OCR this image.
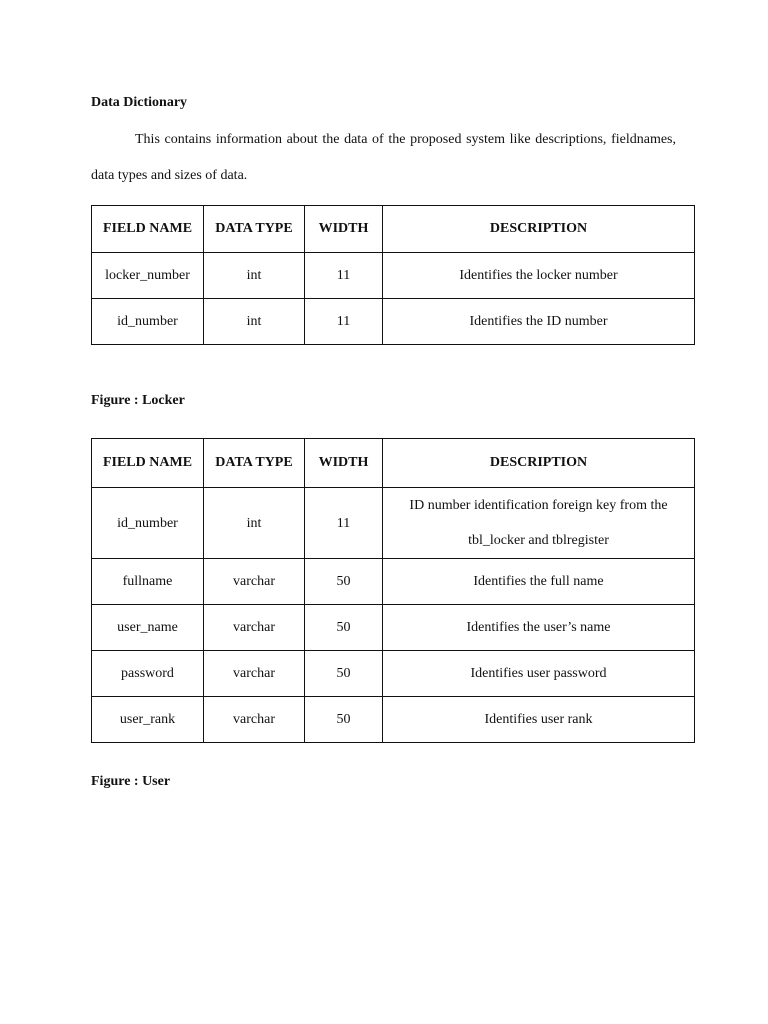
Data Dictionary

This contains information about the data of the proposed system like descriptions, fieldnames, data types and sizes of data.

FIELD NAME	DATA TYPE	WIDTH	DESCRIPTION
locker_number	int	11	Identifies the locker number
id_number	int	11	Identifies the ID number
Figure : Locker
FIELD NAME	DATA TYPE	WIDTH	DESCRIPTION
id_number	int	11	ID number identification foreign key from the tbl_locker and tblregister
fullname	varchar	50	Identifies the full name
user_name	varchar	50	Identifies the user’s name
password	varchar	50	Identifies user password
user_rank	varchar	50	Identifies user rank
Figure : User
